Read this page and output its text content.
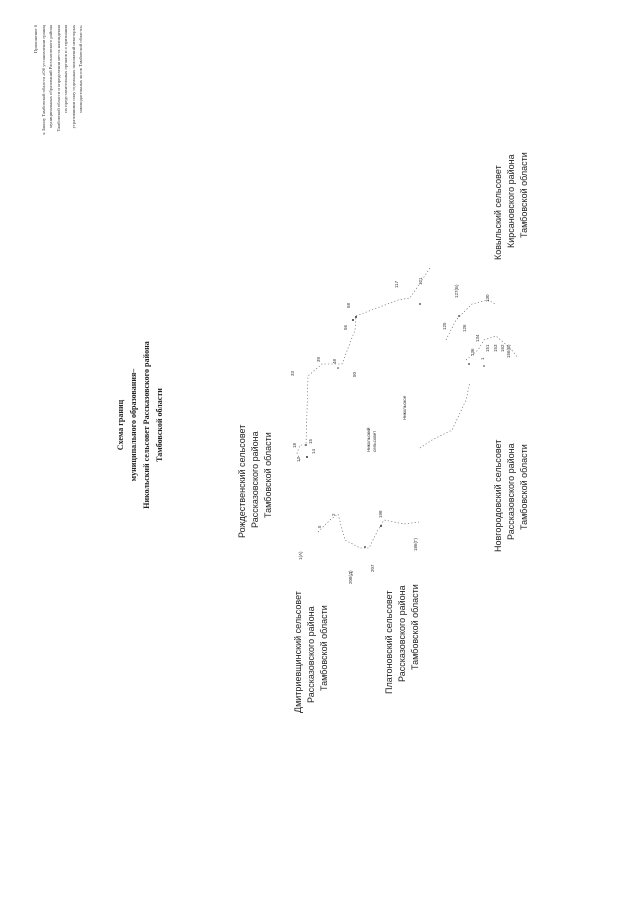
Приложение 6 к Закону Тамбовской области «Об установлении границ муниципальных образований Рассказовского района Тамбовской области и определении места нахождения их представительных органов и о признании утратившими силу отдельных положений некоторых законодательных актов Тамбовской области»
Схема границ муниципального образования– Никольский сельсовет Рассказовского района Тамбовской области	Рождественский сельсовет Рассказовского района Тамбовской области
Дмитриевщинский сельсовет Рассказовского района Тамбовской области	Платоновский сельсовет Рассказовского района Тамбовской области
Новгородовский сельсовет Рассказовского района Тамбовской области
Ковыльский сельсовет Кирсановского района Тамбовской области
Никольский сельсовет
Никольское
1(A)
5
2
208(Д)
207
198
186(Г)
13
18
14
15
33
39 48
50
56
58
117	121
125
127(Б)
126
130
134
136
151 153
1
162 156(В)
